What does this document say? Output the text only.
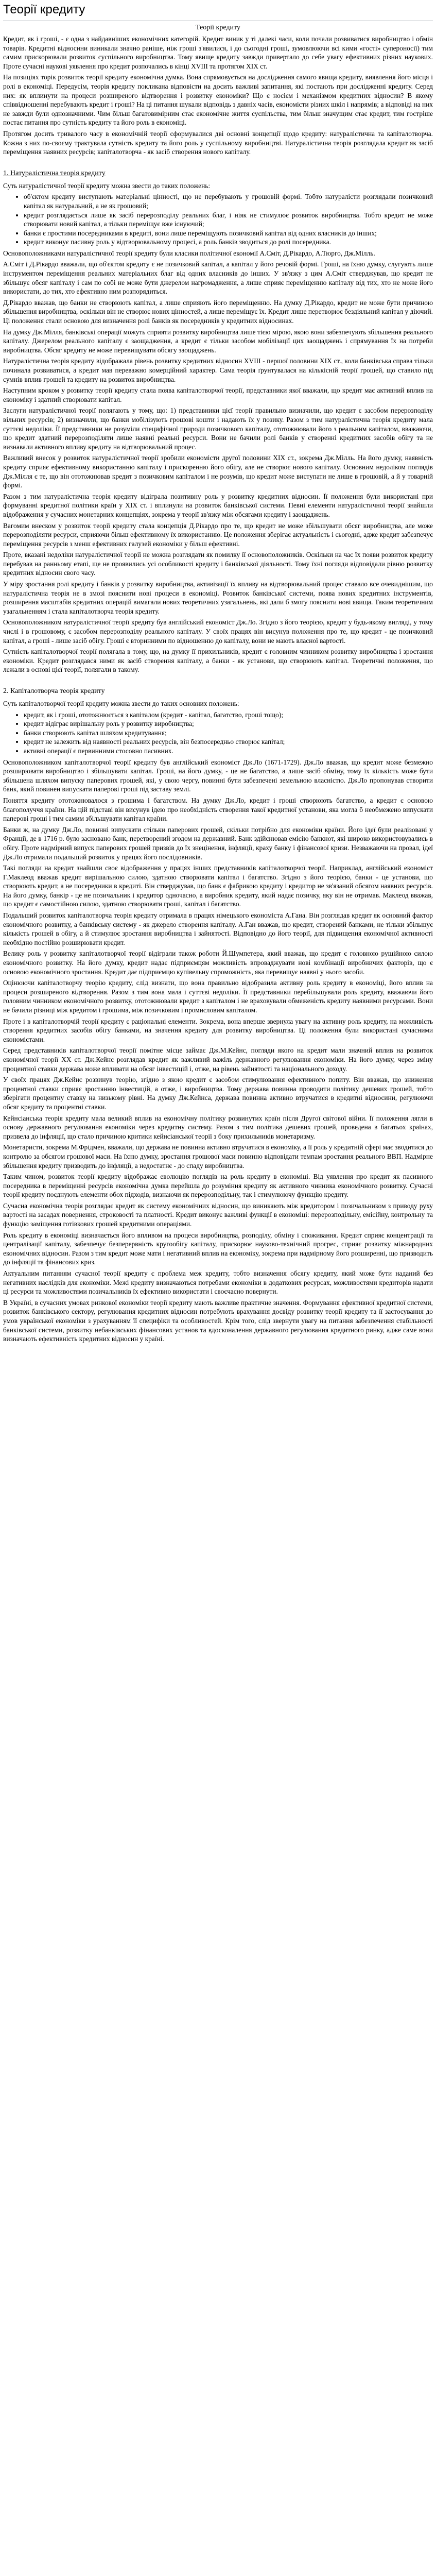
Теорії кредиту
Теорії кредиту

Кредит, як і гроші, - є одна з найдавніших економічних категорій. Кредит виник у ті далекі часи, коли почали розвиватися виробництво і обмін товарів. Кредитні відносини виникали значно раніше, ніж гроші з'явилися, і до сьогодні гроші, зумовлюючи всі кими «гості» супероносії) тим самим прискорювали розвиток суспільного виробництва. Тому явище кредиту завжди привертало до себе увагу ефективних різних наукових. Проте сучасні наукові уявлення про кредит розпочались в кінці XVIII та протягом XIX ст.

На позиціях торік розвиток теорії кредиту економічна думка. Вона спрямовується на дослідження самого явища кредиту, виявлення його місця і ролі в економіці. Передусім, теорія кредиту покликана відповісти на досить важливі запитання, які постають при дослідженні кредиту. Серед них: як вплинути на процеси розширеного відтворення і розвитку економіки? Що є носієм і механізмом кредитних відносин? В якому співвідношенні перебувають кредит і гроші? На ці питання шукали відповідь з давніх часів, економісти різних шкіл і напрямів; а відповіді на них не завжди були однозначними. Чим більш багатовимірним стає економічне життя суспільства, тим більш значущим стає кредит, тим гостріше постає питання про сутність кредиту та його роль в економіці.

Протягом досить тривалого часу в економічній теорії сформувалися дві основні концепції щодо кредиту: натуралістична та капіталотворча. Кожна з них по-своєму трактувала сутність кредиту та його роль у суспільному виробництві. Натуралістична теорія розглядала кредит як засіб переміщення наявних ресурсів; капіталотворча - як засіб створення нового капіталу.

1. Натуралістична теорія кредиту

Суть натуралістичної теорії кредиту можна звести до таких положень:

• об'єктом кредиту виступають матеріальні цінності, що не перебувають у грошовій формі. Тобто натуралісти розглядали позичковий капітал як натуральний, а не як грошовий;
• кредит розглядається лише як засіб перерозподілу реальних благ, і ніяк не стимулює розвиток виробництва. Тобто кредит не може створювати новий капітал, а тільки переміщує вже існуючий;
• банки є простими посередниками в кредиті, вони лише переміщують позичковий капітал від одних власників до інших;
• кредит виконує пасивну роль у відтворювальному процесі, а роль банків зводиться до ролі посередника.

Основоположниками натуралістичної теорії кредиту були класики політичної економії А.Сміт, Д.Рікардо, А.Тюрго, Дж.Мілль.

А.Сміт і Д.Рікардо вважали, що об'єктом кредиту є не позичковий капітал, а капітал у його речовій формі. Гроші, на їхню думку, слугують лише інструментом переміщення реальних матеріальних благ від одних власників до інших. У зв'язку з цим А.Сміт стверджував, що кредит не збільшує обсяг капіталу і сам по собі не може бути джерелом нагромадження, а лише сприяє переміщенню капіталу від тих, хто не може його використати, до тих, хто ефективно ним розпорядиться.

Д.Рікардо вважав, що банки не створюють капітал, а лише сприяють його переміщенню. На думку Д.Рікардо, кредит не може бути причиною збільшення виробництва, оскільки він не створює нових цінностей, а лише переміщує їх. Кредит лише перетворює бездіяльний капітал у діючий. Ці положення стали основою для визначення ролі банків як посередників у кредитних відносинах.

На думку Дж.Мілля, банківські операції можуть сприяти розвитку виробництва лише тією мірою, якою вони забезпечують збільшення реального капіталу. Джерелом реального капіталу є заощадження, а кредит є тільки засобом мобілізації цих заощаджень і спрямування їх на потреби виробництва. Обсяг кредиту не може перевищувати обсягу заощаджень.

Натуралістична теорія кредиту відображала рівень розвитку кредитних відносин XVIII - першої половини XIX ст., коли банківська справа тільки починала розвиватися, а кредит мав переважно комерційний характер. Сама теорія ґрунтувалася на кількісній теорії грошей, що ставило під сумнів вплив грошей та кредиту на розвиток виробництва.

Наступним кроком у розвитку теорії кредиту стала поява капіталотворчої теорії, представники якої вважали, що кредит має активний вплив на економіку і здатний створювати капітал.

Заслуги натуралістичної теорії полягають у тому, що: 1) представники цієї теорії правильно визначили, що кредит є засобом перерозподілу вільних ресурсів; 2) визначили, що банки мобілізують грошові кошти і надають їх у позику. Разом з тим натуралістична теорія кредиту мала суттєві недоліки. Її представники не розуміли специфічної природи позичкового капіталу, ототожнювали його з реальним капіталом, вважаючи, що кредит здатний перерозподіляти лише наявні реальні ресурси. Вони не бачили ролі банків у створенні кредитних засобів обігу та не визнавали активного впливу кредиту на відтворювальний процес.

Важливий внесок у розвиток натуралістичної теорії зробили економісти другої половини XIX ст., зокрема Дж.Мілль. На його думку, наявність кредиту сприяє ефективному використанню капіталу і прискоренню його обігу, але не створює нового капіталу. Основним недоліком поглядів Дж.Мілля є те, що він ототожнював кредит з позичковим капіталом і не розумів, що кредит може виступати не лише в грошовій, а й у товарній формі.

Разом з тим натуралістична теорія кредиту відіграла позитивну роль у розвитку кредитних відносин. Її положення були використані при формуванні кредитної політики країн у XIX ст. і вплинули на розвиток банківської системи. Певні елементи натуралістичної теорії знайшли відображення у сучасних монетарних концепціях, зокрема у теорії зв'язку між обсягами кредиту і заощаджень.

Вагомим внеском у розвиток теорії кредиту стала концепція Д.Рікардо про те, що кредит не може збільшувати обсяг виробництва, але може перерозподіляти ресурси, сприяючи більш ефективному їх використанню. Це положення зберігає актуальність і сьогодні, адже кредит забезпечує переміщення ресурсів з менш ефективних галузей економіки у більш ефективні.

Проте, вказані недоліки натуралістичної теорії не можна розглядати як помилку її основоположників. Оскільки на час їх появи розвиток кредиту перебував на ранньому етапі, ще не проявились усі особливості кредиту і банківської діяльності. Тому їхні погляди відповідали рівню розвитку кредитних відносин свого часу.

У міру зростання ролі кредиту і банків у розвитку виробництва, активізації їх впливу на відтворювальний процес ставало все очевиднішим, що натуралістична теорія не в змозі пояснити нові процеси в економіці. Розвиток банківської системи, поява нових кредитних інструментів, розширення масштабів кредитних операцій вимагали нових теоретичних узагальнень, які дали б змогу пояснити нові явища. Таким теоретичним узагальненням і стала капіталотворча теорія кредиту.

Основоположником натуралістичної теорії кредиту був англійський економіст Дж.Ло. Згідно з його теорією, кредит у будь-якому вигляді, у тому числі і в грошовому, є засобом перерозподілу реального капіталу. У своїх працях він висунув положення про те, що кредит - це позичковий капітал, а гроші - лише засіб обігу. Гроші є вторинними по відношенню до капіталу, вони не мають власної вартості.

Сутність капіталотворчої теорії полягала в тому, що, на думку її прихильників, кредит є головним чинником розвитку виробництва і зростання економіки. Кредит розглядався ними як засіб створення капіталу, а банки - як установи, що створюють капітал. Теоретичні положення, що лежали в основі цієї теорії, полягали в такому.

2. Капіталотворча теорія кредиту

Суть капіталотворчої теорії кредиту можна звести до таких основних положень:

• кредит, як і гроші, ототожнюється з капіталом (кредит - капітал, багатство, гроші тощо);
• кредит відіграє вирішальну роль у розвитку виробництва;
• банки створюють капітал шляхом кредитування;
• кредит не залежить від наявності реальних ресурсів, він безпосередньо створює капітал;
• активні операції є первинними стосовно пасивних.

Основоположником капіталотворчої теорії кредиту був англійський економіст Дж.Ло (1671-1729). Дж.Ло вважав, що кредит може безмежно розширювати виробництво і збільшувати капітал. Гроші, на його думку, - це не багатство, а лише засіб обміну, тому їх кількість може бути збільшена шляхом випуску паперових грошей, які, у свою чергу, повинні бути забезпечені земельною власністю. Дж.Ло пропонував створити банк, який повинен випускати паперові гроші під заставу землі.

Поняття кредиту ототожнювалося з грошима і багатством. На думку Дж.Ло, кредит і гроші створюють багатство, а кредит є основою благополуччя країни. На цій підставі він висунув ідею про необхідність створення такої кредитної установи, яка могла б необмежено випускати паперові гроші і тим самим збільшувати капітал країни.

Банки ж, на думку Дж.Ло, повинні випускати стільки паперових грошей, скільки потрібно для економіки країни. Його ідеї були реалізовані у Франції, де в 1716 р. було засновано банк, перетворений згодом на державний. Банк здійснював емісію банкнот, які широко використовувались в обігу. Проте надмірний випуск паперових грошей призвів до їх знецінення, інфляції, краху банку і фінансової кризи. Незважаючи на провал, ідеї Дж.Ло отримали подальший розвиток у працях його послідовників.

Такі погляди на кредит знайшли своє відображення у працях інших представників капіталотворчої теорії. Наприклад, англійський економіст Г.Маклеод вважав кредит вирішальною силою, здатною створювати капітал і багатство. Згідно з його теорією, банки - це установи, що створюють кредит, а не посередники в кредиті. Він стверджував, що банк є фабрикою кредиту і кредитор не зв'язаний обсягом наявних ресурсів. На його думку, банкір - це не позичальник і кредитор одночасно, а виробник кредиту, який надає позичку, яку він не отримав. Маклеод вважав, що кредит є самостійною силою, здатною створювати гроші, капітал і багатство.

Подальший розвиток капіталотворча теорія кредиту отримала в працях німецького економіста А.Гана. Він розглядав кредит як основний фактор економічного розвитку, а банківську систему - як джерело створення капіталу. А.Ган вважав, що кредит, створений банками, не тільки збільшує кількість грошей в обігу, а й стимулює зростання виробництва і зайнятості. Відповідно до його теорії, для підвищення економічної активності необхідно постійно розширювати кредит.

Велику роль у розвитку капіталотворчої теорії відіграли також роботи Й.Шумпетера, який вважав, що кредит є головною рушійною силою економічного розвитку. На його думку, кредит надає підприємцям можливість впроваджувати нові комбінації виробничих факторів, що є основою економічного зростання. Кредит дає підприємцю купівельну спроможність, яка перевищує наявні у нього засоби.

Оцінюючи капіталотворчу теорію кредиту, слід визнати, що вона правильно відобразила активну роль кредиту в економіці, його вплив на процеси розширеного відтворення. Разом з тим вона мала і суттєві недоліки. Її представники перебільшували роль кредиту, вважаючи його головним чинником економічного розвитку, ототожнювали кредит з капіталом і не враховували обмеженість кредиту наявними ресурсами. Вони не бачили різниці між кредитом і грошима, між позичковим і промисловим капіталом.

Проте і в капіталотворчій теорії кредиту є раціональні елементи. Зокрема, вона вперше звернула увагу на активну роль кредиту, на можливість створення кредитних засобів обігу банками, на значення кредиту для розвитку виробництва. Ці положення були використані сучасними економістами.

Серед представників капіталотворчої теорії помітне місце займає Дж.М.Кейнс, погляди якого на кредит мали значний вплив на розвиток економічної теорії XX ст. Дж.Кейнс розглядав кредит як важливий важіль державного регулювання економіки. На його думку, через зміну процентної ставки держава може впливати на обсяг інвестицій і, отже, на рівень зайнятості та національного доходу.

У своїх працях Дж.Кейнс розвинув теорію, згідно з якою кредит є засобом стимулювання ефективного попиту. Він вважав, що зниження процентної ставки сприяє зростанню інвестицій, а отже, і виробництва. Тому держава повинна проводити політику дешевих грошей, тобто зберігати процентну ставку на низькому рівні. На думку Дж.Кейнса, держава повинна активно втручатися в кредитні відносини, регулюючи обсяг кредиту та процентні ставки.

Кейнсіанська теорія кредиту мала великий вплив на економічну політику розвинутих країн після Другої світової війни. Її положення лягли в основу державного регулювання економіки через кредитну систему. Разом з тим політика дешевих грошей, проведена в багатьох країнах, призвела до інфляції, що стало причиною критики кейнсіанської теорії з боку прихильників монетаризму.

Монетаристи, зокрема М.Фрідмен, вважали, що держава не повинна активно втручатися в економіку, а її роль у кредитній сфері має зводитися до контролю за обсягом грошової маси. На їхню думку, зростання грошової маси повинно відповідати темпам зростання реального ВВП. Надмірне збільшення кредиту призводить до інфляції, а недостатнє - до спаду виробництва.

Таким чином, розвиток теорії кредиту відображає еволюцію поглядів на роль кредиту в економіці. Від уявлення про кредит як пасивного посередника в переміщенні ресурсів економічна думка перейшла до розуміння кредиту як активного чинника економічного розвитку. Сучасні теорії кредиту поєднують елементи обох підходів, визнаючи як перерозподільну, так і стимулюючу функцію кредиту.

Сучасна економічна теорія розглядає кредит як систему економічних відносин, що виникають між кредитором і позичальником з приводу руху вартості на засадах повернення, строковості та платності. Кредит виконує важливі функції в економіці: перерозподільну, емісійну, контрольну та функцію заміщення готівкових грошей кредитними операціями.

Роль кредиту в економіці визначається його впливом на процеси виробництва, розподілу, обміну і споживання. Кредит сприяє концентрації та централізації капіталу, забезпечує безперервність кругообігу капіталу, прискорює науково-технічний прогрес, сприяє розвитку міжнародних економічних відносин. Разом з тим кредит може мати і негативний вплив на економіку, зокрема при надмірному його розширенні, що призводить до інфляції та фінансових криз.

Актуальним питанням сучасної теорії кредиту є проблема меж кредиту, тобто визначення обсягу кредиту, який може бути наданий без негативних наслідків для економіки. Межі кредиту визначаються потребами економіки в додаткових ресурсах, можливостями кредиторів надати ці ресурси та можливостями позичальників їх ефективно використати і своєчасно повернути.

В Україні, в сучасних умовах ринкової економіки теорії кредиту мають важливе практичне значення. Формування ефективної кредитної системи, розвиток банківського сектору, регулювання кредитних відносин потребують врахування досвіду розвитку теорії кредиту та її застосування до умов української економіки з урахуванням її специфіки та особливостей. Крім того, слід звернути увагу на питання забезпечення стабільності банківської системи, розвитку небанківських фінансових установ та вдосконалення державного регулювання кредитного ринку, адже саме вони визначають ефективність кредитних відносин у країні.
